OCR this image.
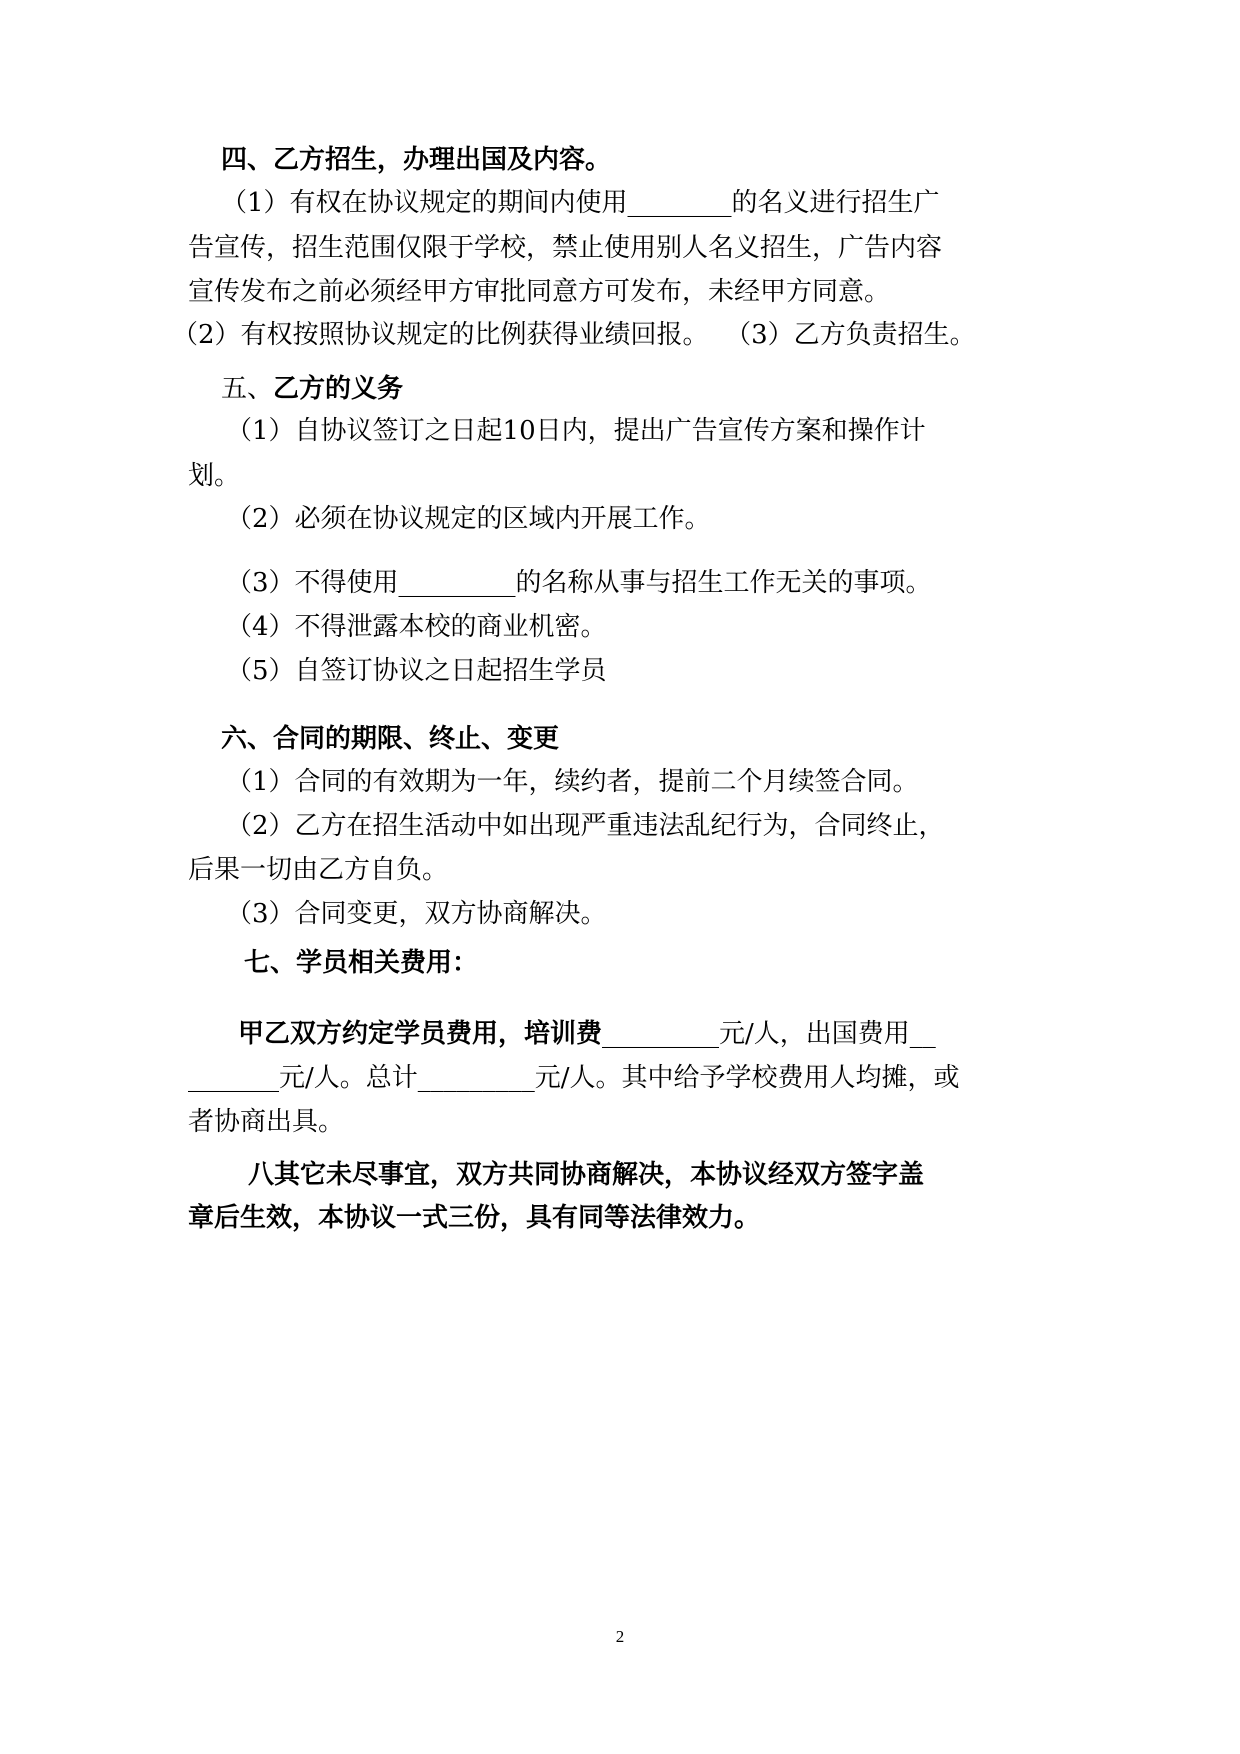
四、乙方招生，办理出国及内容。
（1）有权在协议规定的期间内使用________的名义进行招生广
告宣传，招生范围仅限于学校，禁止使用别人名义招生，广告内容
宣传发布之前必须经甲方审批同意方可发布，未经甲方同意。
（2）有权按照协议规定的比例获得业绩回报。  （3）乙方负责招生。
五、乙方的义务
（1）自协议签订之日起10日内，提出广告宣传方案和操作计
划。
（2）必须在协议规定的区域内开展工作。
（3）不得使用_________的名称从事与招生工作无关的事项。
（4）不得泄露本校的商业机密。
（5）自签订协议之日起招生学员
六、合同的期限、终止、变更
（1）合同的有效期为一年，续约者，提前二个月续签合同。
（2）乙方在招生活动中如出现严重违法乱纪行为，合同终止，
后果一切由乙方自负。
（3）合同变更，双方协商解决。
七、学员相关费用：
甲乙双方约定学员费用，培训费_________元/人，出国费用__
_______元/人。总计_________元/人。其中给予学校费用人均摊，或
者协商出具。
八其它未尽事宜，双方共同协商解决，本协议经双方签字盖
章后生效，本协议一式三份，具有同等法律效力。
2
